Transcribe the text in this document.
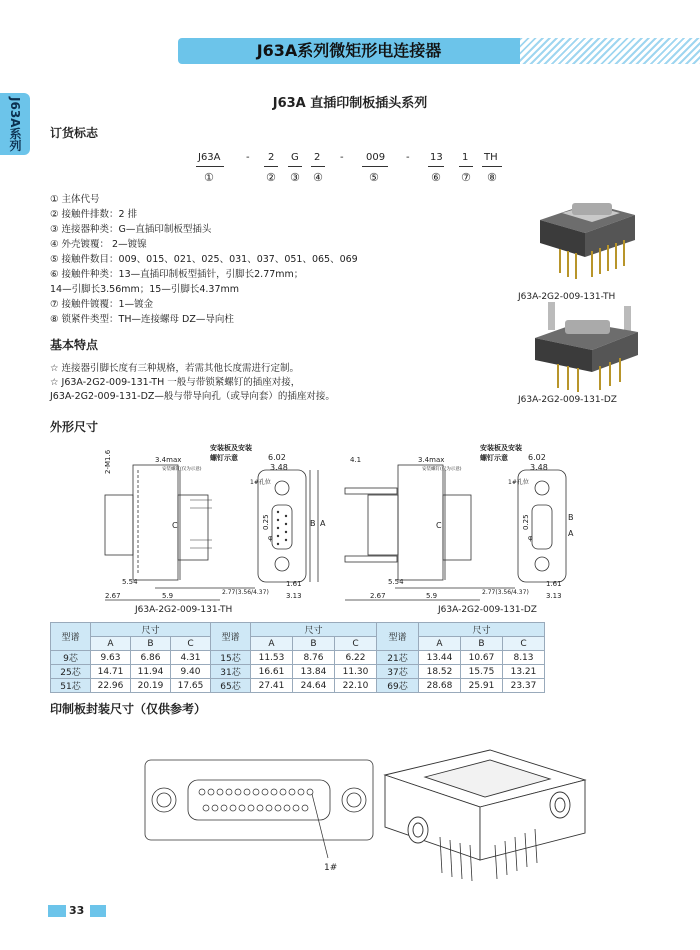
J63A系列微矩形电连接器
J63A系列	J63A 直插印制板插头系列
订货标志
J63A	- 2 G 2 - 009 - 13 1 TH
①	② ③ ④	⑤	⑥ ⑦ ⑧
① 主体代号
② 接触件排数：2 排
③ 连接器种类：G—直插印制板型插头
④ 外壳镀覆： 2—镀镍
⑤ 接触件数目：009、015、021、025、031、037、051、065、069
⑥ 接触件种类：13—直插印制板型插针，引脚长2.77mm；
14—引脚长3.56mm；15—引脚长4.37mm
⑦ 接触件镀覆：1—镀金
⑧ 锁紧件类型：TH—连接螺母 DZ—导向柱
J63A-2G2-009-131-TH
J63A-2G2-009-131-DZ
基本特点
☆ 连接器引脚长度有三种规格，若需其他长度需进行定制。
☆ J63A-2G2-009-131-TH 一般与带锁紧螺钉的插座对接，
J63A-2G2-009-131-DZ—般与带导向孔（或导向套）的插座对接。
外形尺寸
2-M1.6	3.4max
安装板及安装
螺钉示意
安装螺钉(仅为示意)
6.02
3.48
1#孔位
0.25
φ
C	B A
5.54
2.67	5.9	2.77(3.56/4.37)
1.61
3.13
J63A-2G2-009-131-TH
4.1	3.4max
安装板及安装
螺钉示意
安装螺钉(仅为示意)
6.02
3.48
1#孔位
0.25
φ
C
B
A
5.54
2.67	5.9	2.77(3.56/4.37)
1.61
3.13
J63A-2G2-009-131-DZ
型谱	尺寸			型谱	尺寸			型谱	尺寸		
	A	B	C		A	B	C		A	B	C
9芯	9.63	6.86	4.31	15芯	11.53	8.76	6.22	21芯	13.44	10.67	8.13
25芯	14.71	11.94	9.40	31芯	16.61	13.84	11.30	37芯	18.52	15.75	13.21
51芯	22.96	20.19	17.65	65芯	27.41	24.64	22.10	69芯	28.68	25.91	23.37
印制板封装尺寸（仅供参考）
1#
33
